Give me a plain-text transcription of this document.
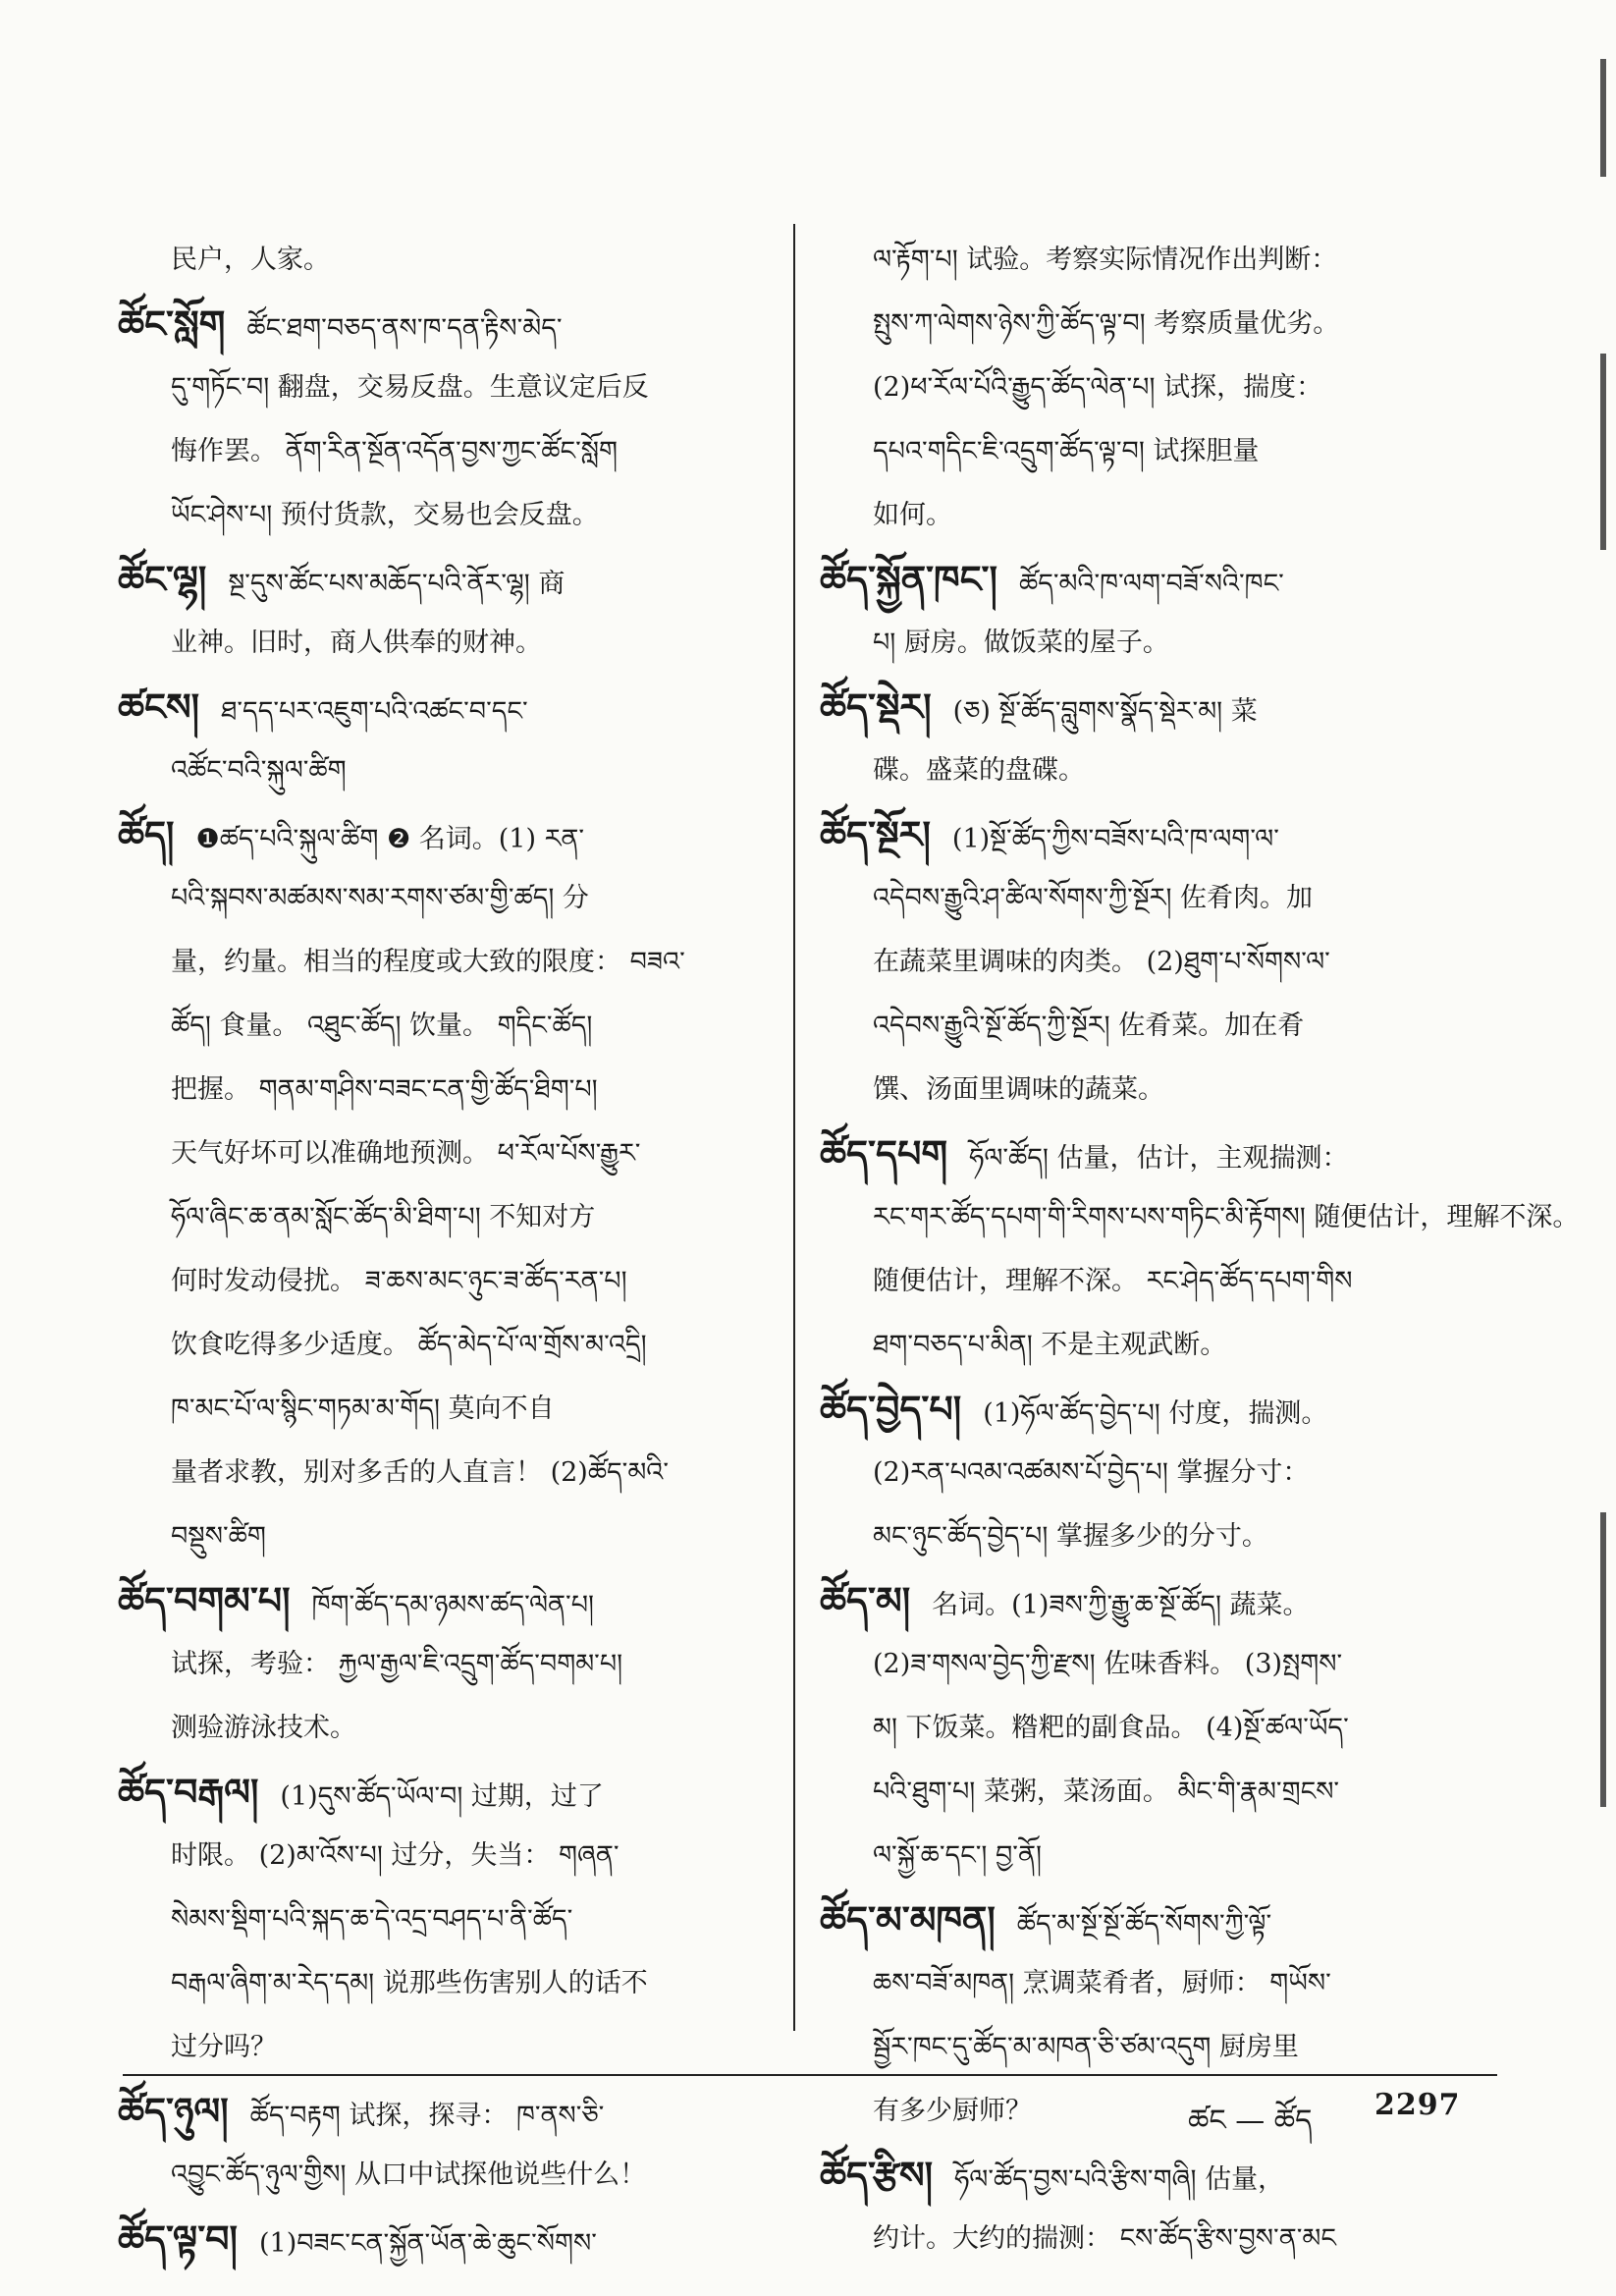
民户，人家。
ཚོང་སློག ཚོང་ཐག་བཅད་ནས་ཁ་དན་རྟིས་མེད་
དུ་གཏོང་བ། 翻盘，交易反盘。生意议定后反
悔作罢。 ནོག་རིན་སྔོན་འདོན་བྱས་ཀྱང་ཚོང་སློག
ཡོང་ཤེས་པ། 预付货款，交易也会反盘。
ཚོང་ལྷ། སྔ་དུས་ཚོང་པས་མཆོད་པའི་ནོར་ལྷ། 商
业神。旧时，商人供奉的财神。
ཚངས། ཐ་དད་པར་འཇུག་པའི་འཚང་བ་དང་
འཚོང་བའི་སྐུལ་ཚིག
ཚོད། ❶ཚད་པའི་སྐུལ་ཚིག ❷ 名词。(1) རན་
པའི་སྐབས་མཚམས་སམ་རགས་ཙམ་གྱི་ཚད། 分
量，约量。相当的程度或大致的限度： བཟའ་
ཚོད། 食量。 འཐུང་ཚོད། 饮量。 གདིང་ཚོད།
把握。 གནམ་གཤིས་བཟང་ངན་གྱི་ཚོད་ཐིག་པ།
天气好坏可以准确地预测。 ཕ་རོལ་པོས་རྒྱུར་
ཧོལ་ཞིང་ཆ་ནམ་སློང་ཚོད་མི་ཐིག་པ། 不知对方
何时发动侵扰。 ཟ་ཆས་མང་ཉུང་ཟ་ཚོད་རན་པ།
饮食吃得多少适度。 ཚོད་མེད་པོ་ལ་གྲོས་མ་འདྲི།
ཁ་མང་པོ་ལ་སྙིང་གཏམ་མ་གོད། 莫向不自
量者求教，别对多舌的人直言！ (2)ཚོད་མའི་
བསྡུས་ཚིག
ཚོད་བགམ་པ། ཁོག་ཚོད་དམ་ཉམས་ཚད་ལེན་པ།
试探，考验： རྐྱལ་རྒྱལ་ཇི་འདྲུག་ཚོད་བགམ་པ།
测验游泳技术。
ཚོད་བརྒལ། (1)དུས་ཚོད་ཡོལ་བ། 过期，过了
时限。 (2)མ་འོས་པ། 过分，失当： གཞན་
སེམས་སྡིག་པའི་སྐད་ཆ་དེ་འདྲ་བཤད་པ་ནི་ཚོད་
བརྒལ་ཞིག་མ་རེད་དམ། 说那些伤害别人的话不
过分吗？
ཚོད་ཉུལ། ཚོད་བརྟག 试探，探寻： ཁ་ནས་ཅི་
འབྱུང་ཚོད་ཉུལ་གྱིས། 从口中试探他说些什么！
ཚོད་ལྟ་བ། (1)བཟང་ངན་སྐྱོན་ཡོན་ཆེ་ཆུང་སོགས་
ལ་རྟོག་པ། 试验。考察实际情况作出判断：
སྤུས་ཀ་ལེགས་ཉེས་ཀྱི་ཚོད་ལྟ་བ། 考察质量优劣。
(2)ཕ་རོལ་པོའི་རྒྱུད་ཚོད་ལེན་པ། 试探，揣度：
དཔའ་གདིང་ཇི་འདྲུག་ཚོད་ལྟ་བ། 试探胆量
如何。
ཚོད་སྐྱོན་ཁང་། ཚོད་མའི་ཁ་ལག་བཟོ་སའི་ཁང་
པ། 厨房。做饭菜的屋子。
ཚོད་སྡེར། (ཅ) སྔོ་ཚོད་བླུགས་སྣོད་སྡེར་མ། 菜
碟。盛菜的盘碟。
ཚོད་སྔོར། (1)སྔོ་ཚོད་ཀྱིས་བཟོས་པའི་ཁ་ལག་ལ་
འདེབས་རྒྱུའི་ཤ་ཚིལ་སོགས་ཀྱི་སྔོར། 佐肴肉。加
在蔬菜里调味的肉类。 (2)ཐུག་པ་སོགས་ལ་
འདེབས་རྒྱུའི་སྔོ་ཚོད་ཀྱི་སྔོར། 佐肴菜。加在肴
馔、汤面里调味的蔬菜。
ཚོད་དཔག ཧོལ་ཚོད། 估量，估计，主观揣测：
རང་གར་ཚོད་དཔག་གི་རིགས་པས་གཏིང་མི་རྟོགས། 随便估计，理解不深。
随便估计，理解不深。 རང་ཤེད་ཚོད་དཔག་གིས
ཐག་བཅད་པ་མིན། 不是主观武断。
ཚོད་བྱེད་པ། (1)ཧོལ་ཚོད་བྱེད་པ། 付度，揣测。
(2)རན་པའམ་འཚམས་པོ་བྱེད་པ། 掌握分寸：
མང་ཉུང་ཚོད་བྱེད་པ། 掌握多少的分寸。
ཚོད་མ། 名词。(1)ཟས་ཀྱི་རྒྱུ་ཆ་སྔོ་ཚོད། 蔬菜。
(2)ཟ་གསལ་བྱེད་ཀྱི་རྫས། 佐味香料。 (3)སྤགས་
མ། 下饭菜。糌粑的副食品。 (4)སྔོ་ཚལ་ཡོད་
པའི་ཐུག་པ། 菜粥，菜汤面。 མིང་གི་རྣམ་གྲངས་
ལ་སྐྱོ་ཆ་དང་། བྱ་ནོ།
ཚོད་མ་མཁན། ཚོད་མ་སྔོ་སྔོ་ཚོད་སོགས་ཀྱི་ལྟོ་
ཆས་བཟོ་མཁན། 烹调菜肴者，厨师： གཡོས་
སྦྱོར་ཁང་དུ་ཚོད་མ་མཁན་ཅི་ཙམ་འདུག 厨房里
有多少厨师？
ཚོད་རྩིས། ཧོལ་ཚོད་བྱས་པའི་རྩིས་གཞི། 估量，
约计。大约的揣测： ངས་ཚོད་རྩིས་བྱས་ན་མང
ཚང — ཚོད 2297
